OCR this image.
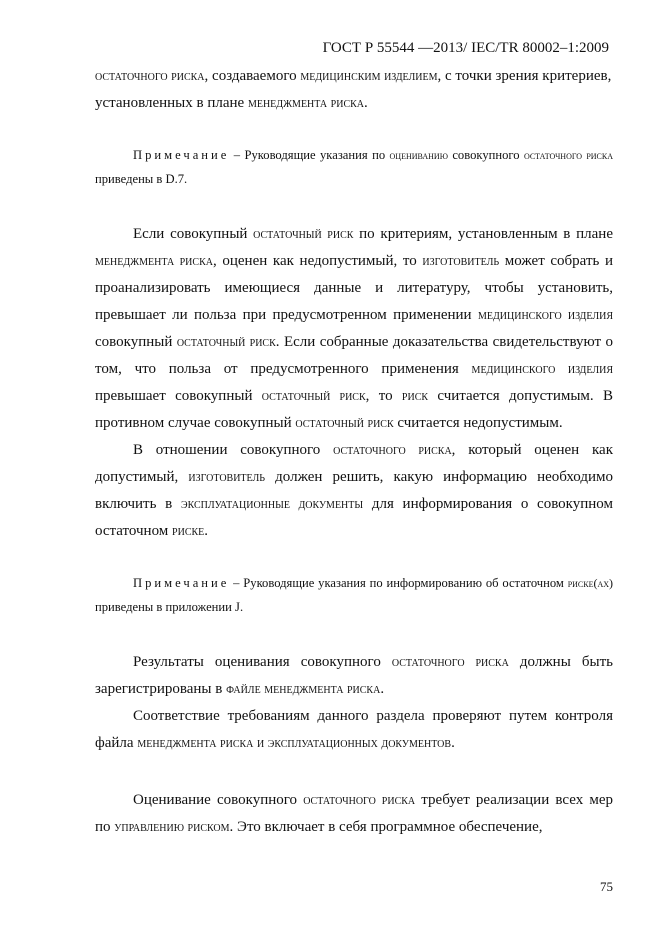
ГОСТ Р 55544 —2013/ IEC/TR 80002–1:2009

остаточного риска, создаваемого медицинским изделием, с точки зрения критериев, установленных в плане менеджмента риска.

Примечание – Руководящие указания по оцениванию совокупного остаточного риска приведены в D.7.

Если совокупный остаточный риск по критериям, установленным в плане менеджмента риска, оценен как недопустимый, то изготовитель может собрать и проанализировать имеющиеся данные и литературу, чтобы установить, превышает ли польза при предусмотренном применении медицинского изделия совокупный остаточный риск. Если собранные доказательства свидетельствуют о том, что польза от предусмотренного применения медицинского изделия превышает совокупный остаточный риск, то риск считается допустимым. В противном случае совокупный остаточный риск считается недопустимым.

В отношении совокупного остаточного риска, который оценен как допустимый, изготовитель должен решить, какую информацию необходимо включить в эксплуатационные документы для информирования о совокупном остаточном риске.

Примечание – Руководящие указания по информированию об остаточном риске(ах) приведены в приложении J.

Результаты оценивания совокупного остаточного риска должны быть зарегистрированы в файле менеджмента риска.

Соответствие требованиям данного раздела проверяют путем контроля файла менеджмента риска и эксплуатационных документов.

Оценивание совокупного остаточного риска требует реализации всех мер по управлению риском. Это включает в себя программное обеспечение,

75
